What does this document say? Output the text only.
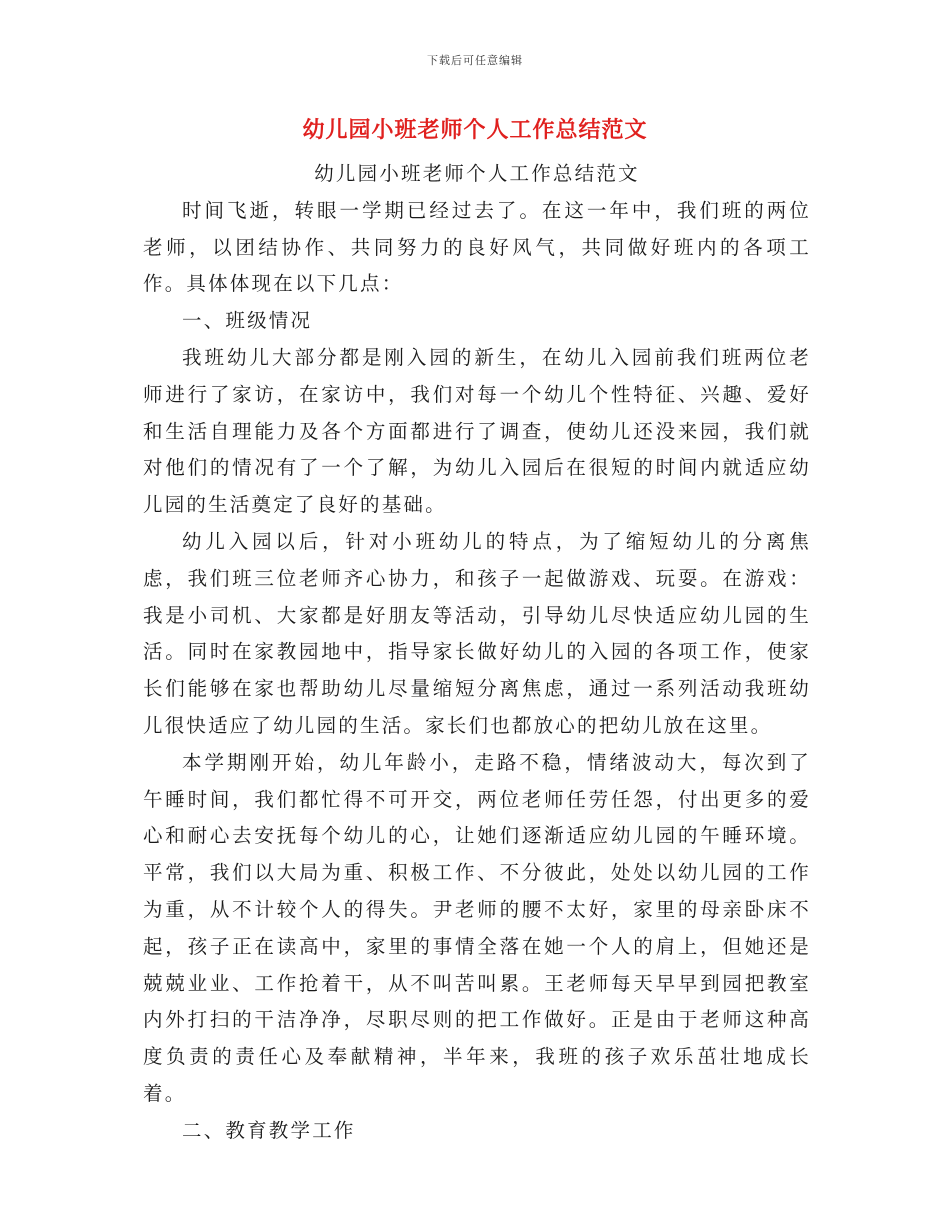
下载后可任意编辑
幼儿园小班老师个人工作总结范文

幼儿园小班老师个人工作总结范文

时间飞逝，转眼一学期已经过去了。在这一年中，我们班的两位老师，以团结协作、共同努力的良好风气，共同做好班内的各项工作。具体体现在以下几点：

一、班级情况

我班幼儿大部分都是刚入园的新生，在幼儿入园前我们班两位老师进行了家访，在家访中，我们对每一个幼儿个性特征、兴趣、爱好和生活自理能力及各个方面都进行了调查，使幼儿还没来园，我们就对他们的情况有了一个了解，为幼儿入园后在很短的时间内就适应幼儿园的生活奠定了良好的基础。

幼儿入园以后，针对小班幼儿的特点，为了缩短幼儿的分离焦虑，我们班三位老师齐心协力，和孩子一起做游戏、玩耍。在游戏：我是小司机、大家都是好朋友等活动，引导幼儿尽快适应幼儿园的生活。同时在家教园地中，指导家长做好幼儿的入园的各项工作，使家长们能够在家也帮助幼儿尽量缩短分离焦虑，通过一系列活动我班幼儿很快适应了幼儿园的生活。家长们也都放心的把幼儿放在这里。

本学期刚开始，幼儿年龄小，走路不稳，情绪波动大，每次到了午睡时间，我们都忙得不可开交，两位老师任劳任怨，付出更多的爱心和耐心去安抚每个幼儿的心，让她们逐渐适应幼儿园的午睡环境。平常，我们以大局为重、积极工作、不分彼此，处处以幼儿园的工作为重，从不计较个人的得失。尹老师的腰不太好，家里的母亲卧床不起，孩子正在读高中，家里的事情全落在她一个人的肩上，但她还是兢兢业业、工作抢着干，从不叫苦叫累。王老师每天早早到园把教室内外打扫的干洁净净，尽职尽则的把工作做好。正是由于老师这种高度负责的责任心及奉献精神，半年来，我班的孩子欢乐茁壮地成长着。

二、教育教学工作
